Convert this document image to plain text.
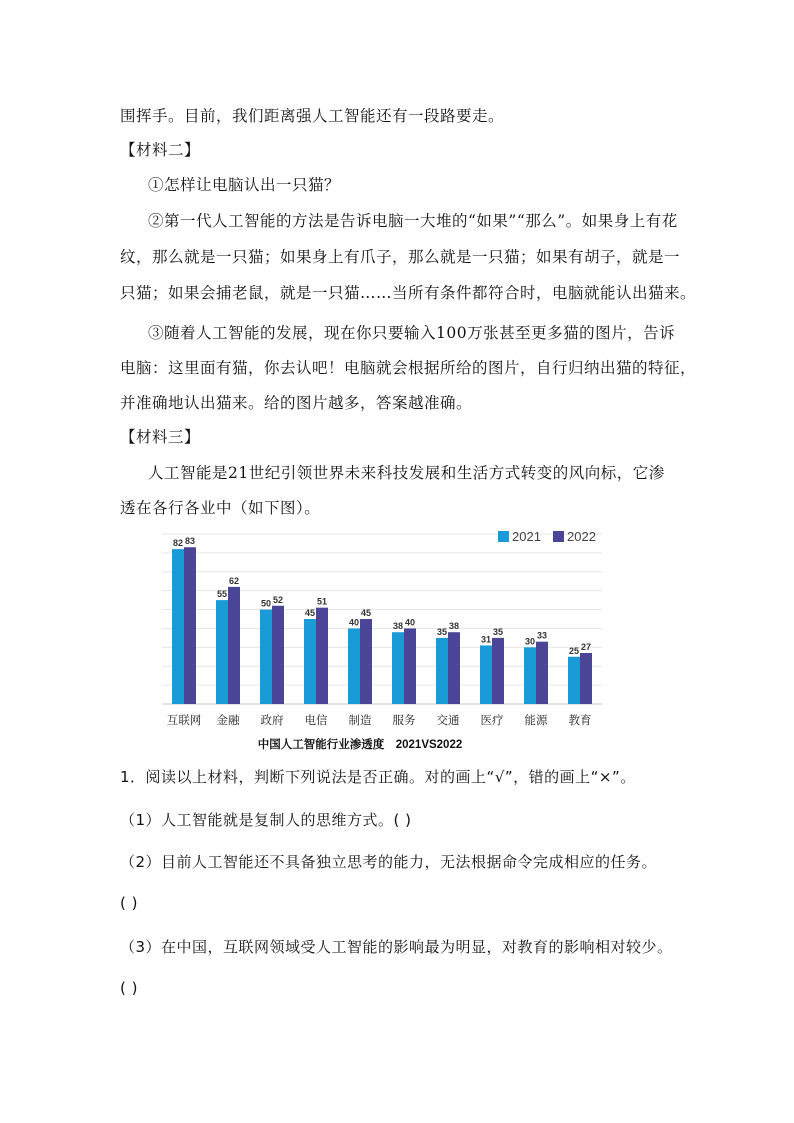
围挥手。目前，我们距离强人工智能还有一段路要走。
【材料二】
①怎样让电脑认出一只猫？
②第一代人工智能的方法是告诉电脑一大堆的“如果”“那么”。如果身上有花
纹，那么就是一只猫；如果身上有爪子，那么就是一只猫；如果有胡子，就是一
只猫；如果会捕老鼠，就是一只猫……当所有条件都符合时，电脑就能认出猫来。
③随着人工智能的发展，现在你只要输入100万张甚至更多猫的图片，告诉
电脑：这里面有猫，你去认吧！电脑就会根据所给的图片，自行归纳出猫的特征，
并准确地认出猫来。给的图片越多，答案越准确。
【材料三】
人工智能是21世纪引领世界未来科技发展和生活方式转变的风向标，它渗
透在各行各业中（如下图）。
82 83
55
62
50 52
45
51
40
45
38 40
35
38
31
35
30
33
25 27
互联网 金融 政府 电信 制造 服务 交通 医疗 能源 教育
2021 2022
中国人工智能行业渗透度　2021VS2022
1．阅读以上材料，判断下列说法是否正确。对的画上“√”，错的画上“×”。
（1）人工智能就是复制人的思维方式。( )
（2）目前人工智能还不具备独立思考的能力，无法根据命令完成相应的任务。
( )
（3）在中国，互联网领域受人工智能的影响最为明显，对教育的影响相对较少。
( )
